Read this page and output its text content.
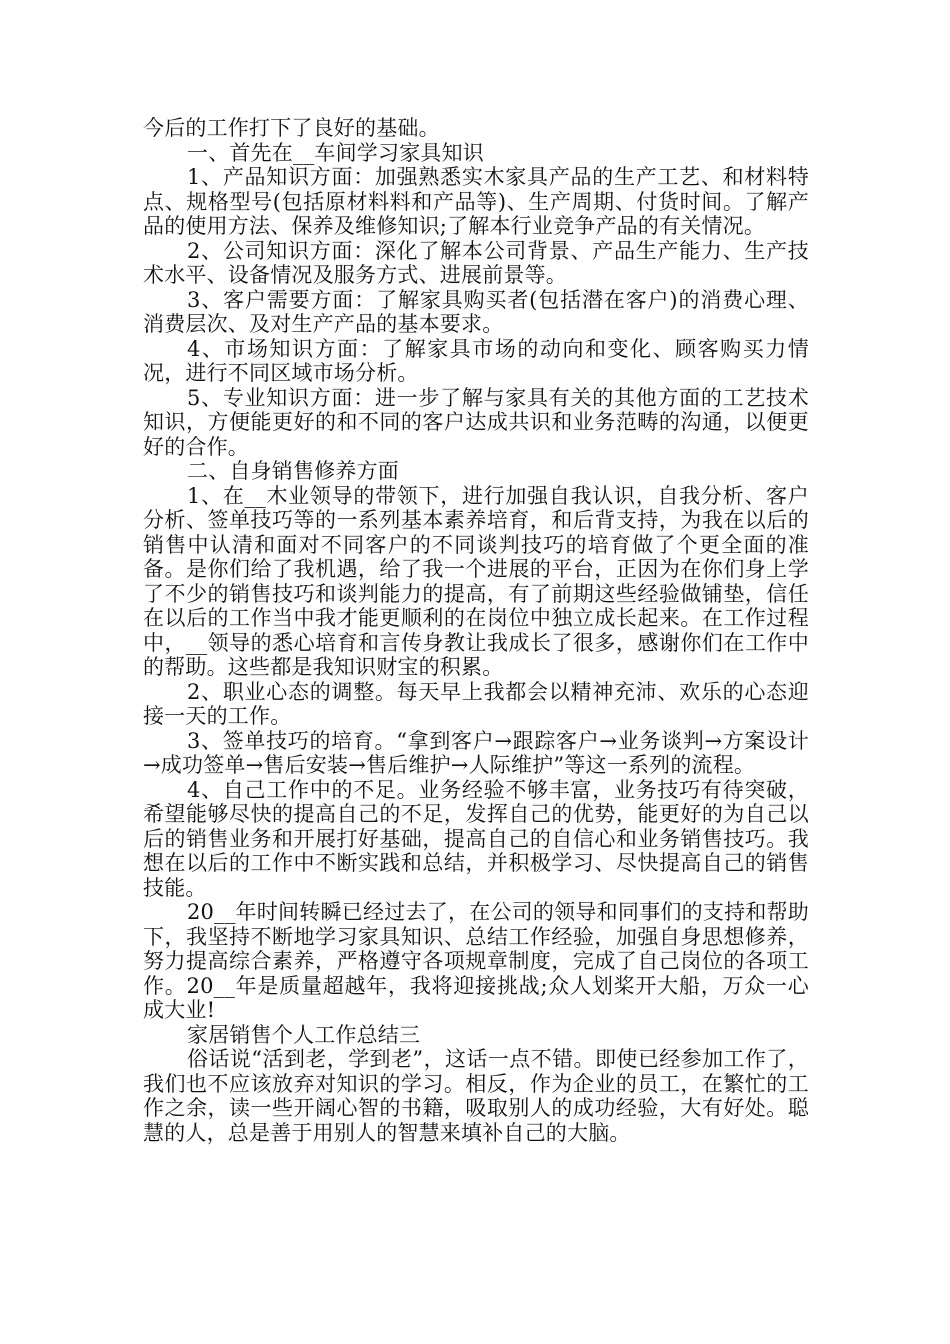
今后的工作打下了良好的基础。

一、首先在__车间学习家具知识

1、产品知识方面：加强熟悉实木家具产品的生产工艺、和材料特点、规格型号(包括原材料料和产品等)、生产周期、付货时间。了解产品的使用方法、保养及维修知识;了解本行业竞争产品的有关情况。

2、公司知识方面：深化了解本公司背景、产品生产能力、生产技术水平、设备情况及服务方式、进展前景等。

3、客户需要方面：了解家具购买者(包括潜在客户)的消费心理、消费层次、及对生产产品的基本要求。

4、市场知识方面：了解家具市场的动向和变化、顾客购买力情况，进行不同区域市场分析。

5、专业知识方面：进一步了解与家具有关的其他方面的工艺技术知识，方便能更好的和不同的客户达成共识和业务范畴的沟通，以便更好的合作。

二、自身销售修养方面

1、在__木业领导的带领下，进行加强自我认识，自我分析、客户分析、签单技巧等的一系列基本素养培育，和后背支持，为我在以后的销售中认清和面对不同客户的不同谈判技巧的培育做了个更全面的准备。是你们给了我机遇，给了我一个进展的平台，正因为在你们身上学了不少的销售技巧和谈判能力的提高，有了前期这些经验做铺垫，信任在以后的工作当中我才能更顺利的在岗位中独立成长起来。在工作过程中，__领导的悉心培育和言传身教让我成长了很多，感谢你们在工作中的帮助。这些都是我知识财宝的积累。

2、职业心态的调整。每天早上我都会以精神充沛、欢乐的心态迎接一天的工作。

3、签单技巧的培育。“拿到客户→跟踪客户→业务谈判→方案设计→成功签单→售后安装→售后维护→人际维护”等这一系列的流程。

4、自己工作中的不足。业务经验不够丰富，业务技巧有待突破，希望能够尽快的提高自己的不足，发挥自己的优势，能更好的为自己以后的销售业务和开展打好基础，提高自己的自信心和业务销售技巧。我想在以后的工作中不断实践和总结，并积极学习、尽快提高自己的销售技能。

20__年时间转瞬已经过去了，在公司的领导和同事们的支持和帮助下，我坚持不断地学习家具知识、总结工作经验，加强自身思想修养，努力提高综合素养，严格遵守各项规章制度，完成了自己岗位的各项工作。20__年是质量超越年，我将迎接挑战;众人划桨开大船，万众一心成大业!

家居销售个人工作总结三

俗话说“活到老，学到老”，这话一点不错。即使已经参加工作了，我们也不应该放弃对知识的学习。相反，作为企业的员工，在繁忙的工作之余，读一些开阔心智的书籍，吸取别人的成功经验，大有好处。聪慧的人，总是善于用别人的智慧来填补自己的大脑。
